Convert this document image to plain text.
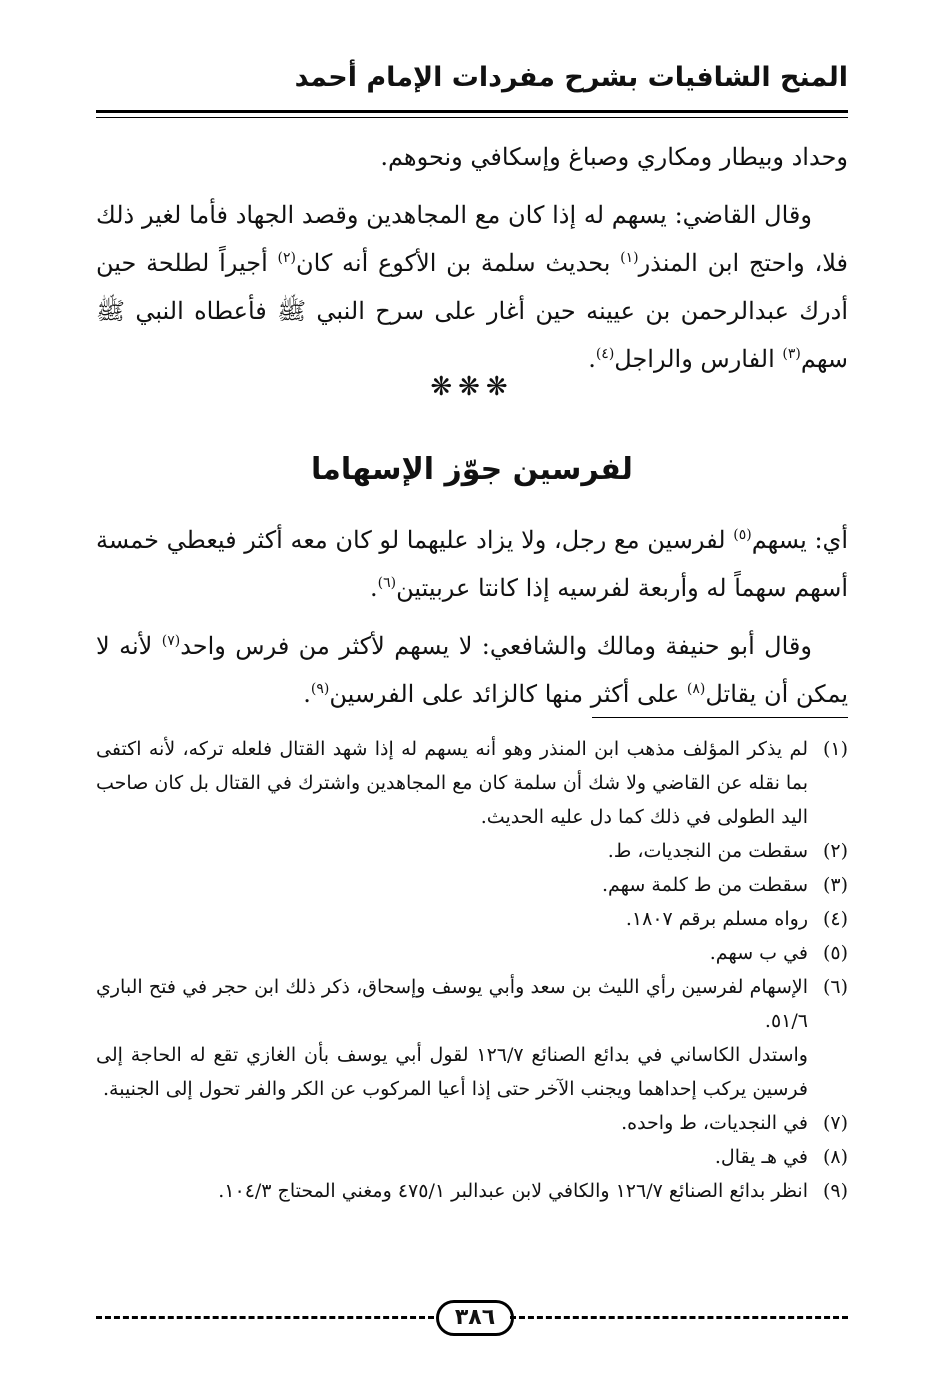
المنح الشافيات بشرح مفردات الإمام أحمد

وحداد وبيطار ومكاري وصباغ وإسكافي ونحوهم.

وقال القاضي: يسهم له إذا كان مع المجاهدين وقصد الجهاد فأما لغير ذلك فلا، واحتج ابن المنذر$^{(١)}$ بحديث سلمة بن الأكوع أنه كان$^{(٢)}$ أجيراً لطلحة حين أدرك عبدالرحمن بن عيينه حين أغار على سرح النبي ﷺ فأعطاه النبي ﷺ سهم$^{(٣)}$ الفارس والراجل$^{(٤)}$.

❋❋❋
لفرسين جوّز الإسهاما

أي: يسهم$^{(٥)}$ لفرسين مع رجل، ولا يزاد عليهما لو كان معه أكثر فيعطي خمسة أسهم سهماً له وأربعة لفرسيه إذا كانتا عربيتين$^{(٦)}$.

وقال أبو حنيفة ومالك والشافعي: لا يسهم لأكثر من فرس واحد$^{(٧)}$ لأنه لا يمكن أن يقاتل$^{(٨)}$ على أكثر منها كالزائد على الفرسين$^{(٩)}$.

(١)
لم يذكر المؤلف مذهب ابن المنذر وهو أنه يسهم له إذا شهد القتال فلعله تركه، لأنه اكتفى بما نقله عن القاضي ولا شك أن سلمة كان مع المجاهدين واشترك في القتال بل كان صاحب اليد الطولى في ذلك كما دل عليه الحديث.
(٢)
سقطت من النجديات، ط.
(٣)
سقطت من ط كلمة سهم.
(٤)
رواه مسلم برقم ١٨٠٧.
(٥)
في ب سهم.
(٦)
الإسهام لفرسين رأي الليث بن سعد وأبي يوسف وإسحاق، ذكر ذلك ابن حجر في فتح الباري ٥١/٦.
واستدل الكاساني في بدائع الصنائع ١٢٦/٧ لقول أبي يوسف بأن الغازي تقع له الحاجة إلى فرسين يركب إحداهما ويجنب الآخر حتى إذا أعيا المركوب عن الكر والفر تحول إلى الجنيبة.
(٧)
في النجديات، ط واحده.
(٨)
في هـ يقال.
(٩)
انظر بدائع الصنائع ١٢٦/٧ والكافي لابن عبدالبر ٤٧٥/١ ومغني المحتاج ١٠٤/٣.
٣٨٦
